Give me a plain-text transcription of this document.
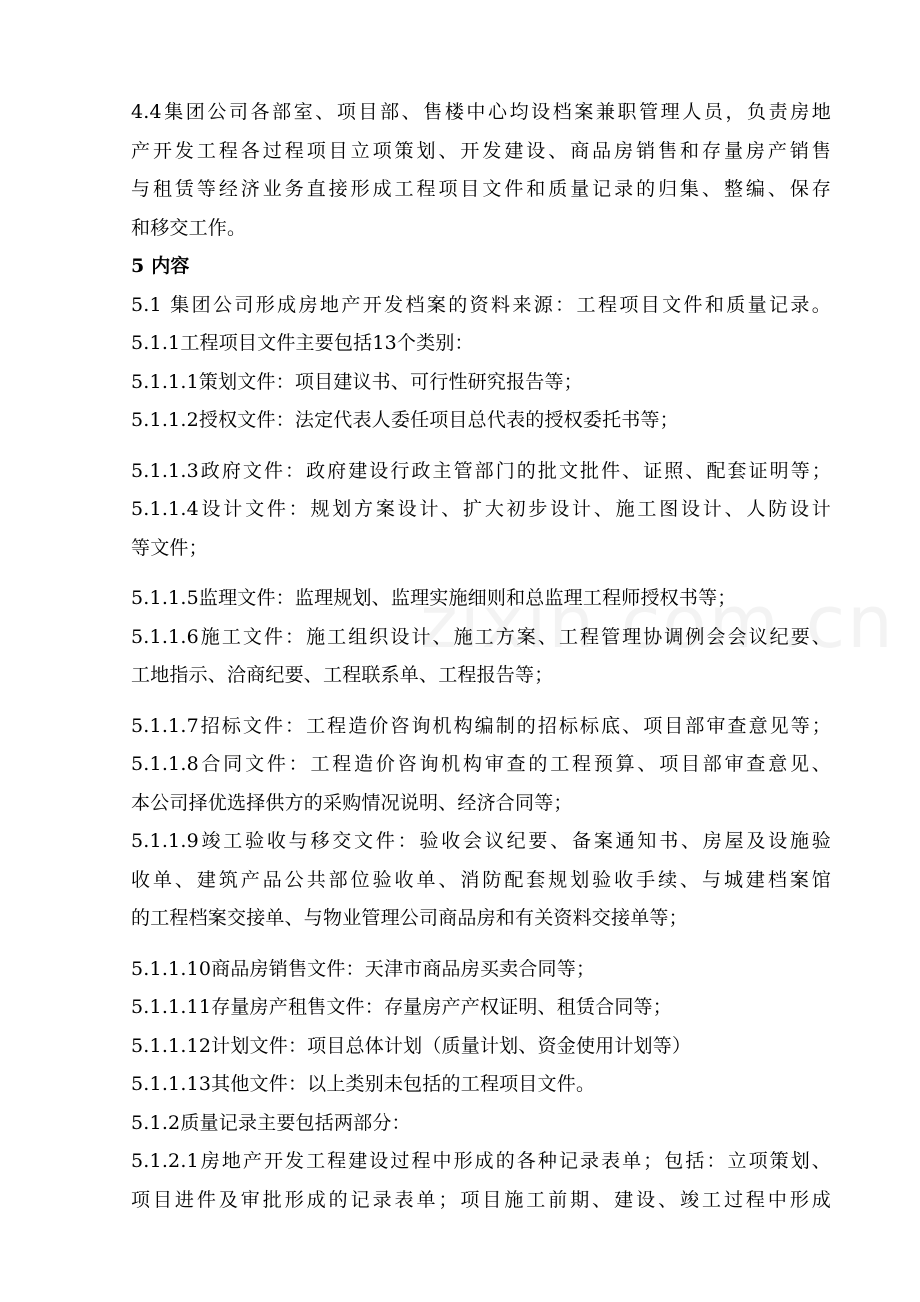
4.4集团公司各部室、项目部、售楼中心均设档案兼职管理人员，负责房地
产开发工程各过程项目立项策划、开发建设、商品房销售和存量房产销售
与租赁等经济业务直接形成工程项目文件和质量记录的归集、整编、保存
和移交工作。
5 内容
5.1 集团公司形成房地产开发档案的资料来源：工程项目文件和质量记录。
5.1.1工程项目文件主要包括13个类别：
5.1.1.1策划文件：项目建议书、可行性研究报告等；
5.1.1.2授权文件：法定代表人委任项目总代表的授权委托书等；
5.1.1.3政府文件：政府建设行政主管部门的批文批件、证照、配套证明等；
5.1.1.4设计文件：规划方案设计、扩大初步设计、施工图设计、人防设计
等文件；
5.1.1.5监理文件：监理规划、监理实施细则和总监理工程师授权书等；
5.1.1.6施工文件：施工组织设计、施工方案、工程管理协调例会会议纪要、
工地指示、洽商纪要、工程联系单、工程报告等；
5.1.1.7招标文件：工程造价咨询机构编制的招标标底、项目部审查意见等；
5.1.1.8合同文件：工程造价咨询机构审查的工程预算、项目部审查意见、
本公司择优选择供方的采购情况说明、经济合同等；
5.1.1.9竣工验收与移交文件：验收会议纪要、备案通知书、房屋及设施验
收单、建筑产品公共部位验收单、消防配套规划验收手续、与城建档案馆
的工程档案交接单、与物业管理公司商品房和有关资料交接单等；
5.1.1.10商品房销售文件：天津市商品房买卖合同等；
5.1.1.11存量房产租售文件：存量房产产权证明、租赁合同等；
5.1.1.12计划文件：项目总体计划（质量计划、资金使用计划等）
5.1.1.13其他文件：以上类别未包括的工程项目文件。
5.1.2质量记录主要包括两部分：
5.1.2.1房地产开发工程建设过程中形成的各种记录表单；包括：立项策划、
项目进件及审批形成的记录表单；项目施工前期、建设、竣工过程中形成
